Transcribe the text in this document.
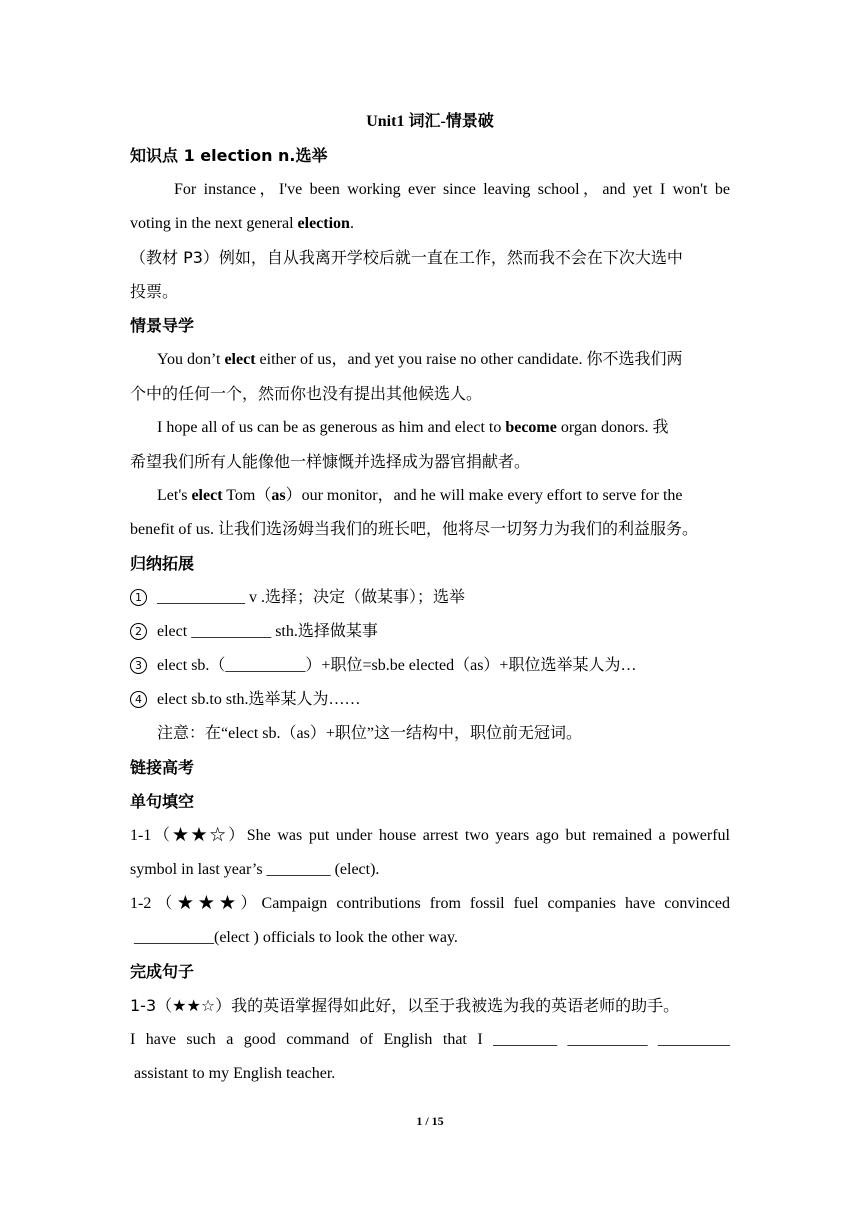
Unit1 词汇-情景破
知识点 1 election n.选举
For instance，I've been working ever since leaving school，and yet I won't be
voting in the next general election.
（教材 P3）例如，自从我离开学校后就一直在工作，然而我不会在下次大选中
投票。
情景导学
You don’t elect either of us，and yet you raise no other candidate. 你不选我们两
个中的任何一个，然而你也没有提出其他候选人。
I hope all of us can be as generous as him and elect to become organ donors. 我
希望我们所有人能像他一样慷慨并选择成为器官捐献者。
Let's elect Tom（as）our monitor，and he will make every effort to serve for the
benefit of us. 让我们选汤姆当我们的班长吧，他将尽一切努力为我们的利益服务。
归纳拓展
1 ___________ v .选择；决定（做某事）；选举
2 elect __________ sth.选择做某事
3 elect sb.（__________）+职位=sb.be elected（as）+职位选举某人为…
4 elect sb.to sth.选举某人为……
注意：在“elect sb.（as）+职位”这一结构中，职位前无冠词。
链接高考
单句填空
1-1（★★☆）She was put under house arrest two years ago but remained a powerful
symbol in last year’s ________ (elect).
1-2（★★★）Campaign contributions from fossil fuel companies have convinced
__________(elect ) officials to look the other way.
完成句子
1-3（★★☆）我的英语掌握得如此好，以至于我被选为我的英语老师的助手。
I have such a good command of English that I ________ __________ _________
assistant to my English teacher.
1 / 15
